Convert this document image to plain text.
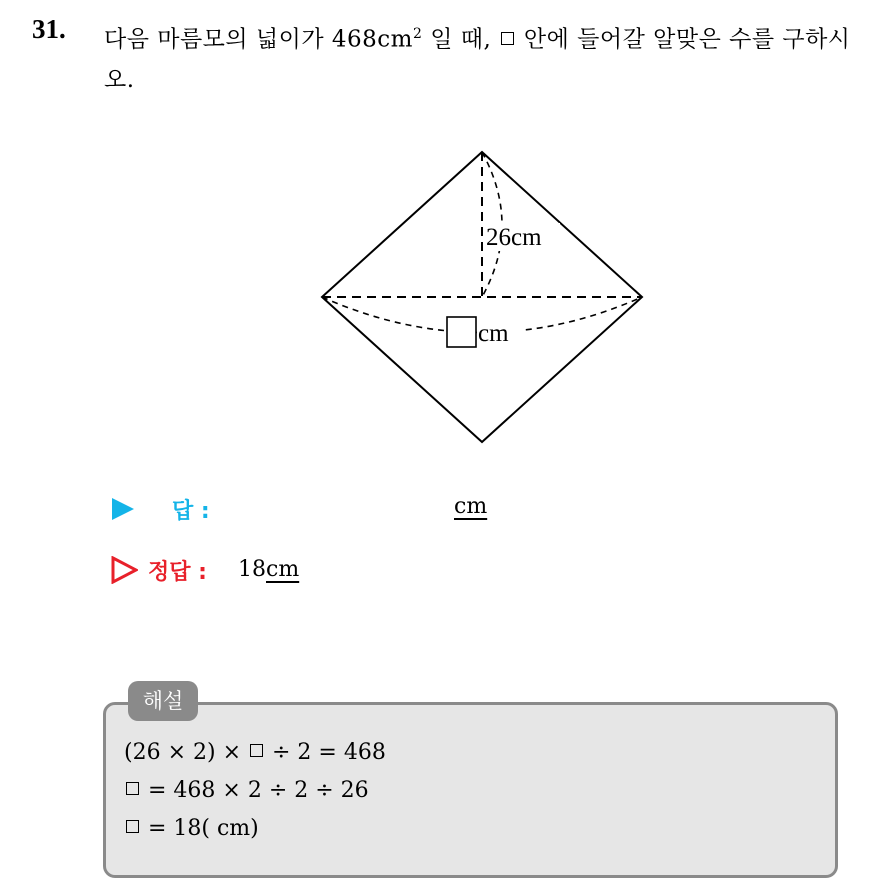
31. 다음 마름모의 넓이가 $468cm^2$ 일 때,  안에 들어갈 알맞은 수를 구하시오.
26cm
cm
답 :	cm
정답 : 18cm
해설
(26 × 2) ×  ÷ 2 = 468
= 468 × 2 ÷ 2 ÷ 26
= 18( cm)
